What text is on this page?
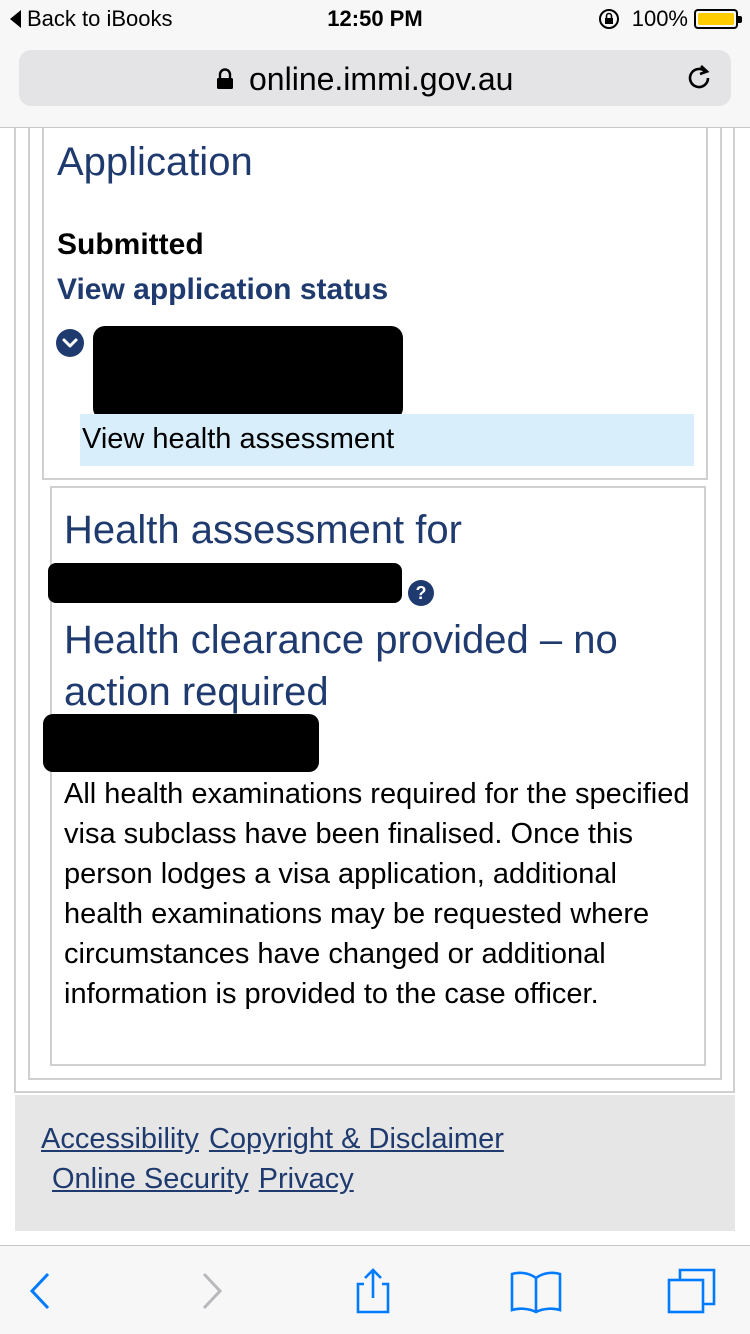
Back to iBooks	12:50 PM	100%
online.immi.gov.au
Application
Submitted
View application status
View health assessment
Health assessment for
?
Health clearance provided – no action required
All health examinations required for the specified visa subclass have been finalised. Once this person lodges a visa application, additional health examinations may be requested where circumstances have changed or additional information is provided to the case officer.
Accessibility Copyright & Disclaimer
Online Security Privacy
